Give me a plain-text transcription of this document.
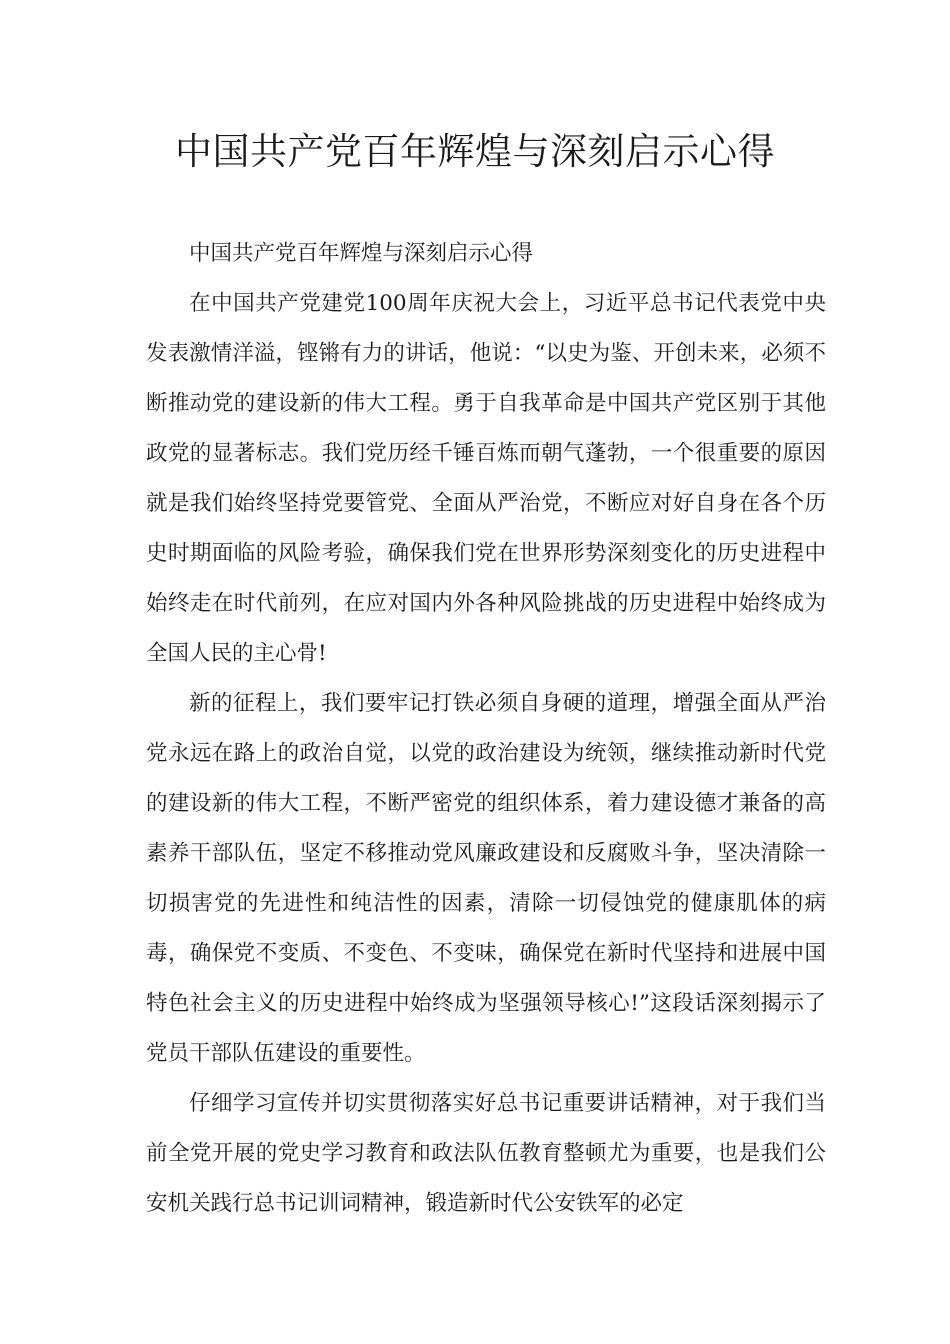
中国共产党百年辉煌与深刻启示心得

中国共产党百年辉煌与深刻启示心得

在中国共产党建党100周年庆祝大会上，习近平总书记代表党中央发表激情洋溢，铿锵有力的讲话，他说：“以史为鉴、开创未来，必须不断推动党的建设新的伟大工程。勇于自我革命是中国共产党区别于其他政党的显著标志。我们党历经千锤百炼而朝气蓬勃，一个很重要的原因就是我们始终坚持党要管党、全面从严治党，不断应对好自身在各个历史时期面临的风险考验，确保我们党在世界形势深刻变化的历史进程中始终走在时代前列，在应对国内外各种风险挑战的历史进程中始终成为全国人民的主心骨!

新的征程上，我们要牢记打铁必须自身硬的道理，增强全面从严治党永远在路上的政治自觉，以党的政治建设为统领，继续推动新时代党的建设新的伟大工程，不断严密党的组织体系，着力建设德才兼备的高素养干部队伍，坚定不移推动党风廉政建设和反腐败斗争，坚决清除一切损害党的先进性和纯洁性的因素，清除一切侵蚀党的健康肌体的病毒，确保党不变质、不变色、不变味，确保党在新时代坚持和进展中国特色社会主义的历史进程中始终成为坚强领导核心!”这段话深刻揭示了党员干部队伍建设的重要性。

仔细学习宣传并切实贯彻落实好总书记重要讲话精神，对于我们当前全党开展的党史学习教育和政法队伍教育整顿尤为重要，也是我们公安机关践行总书记训词精神，锻造新时代公安铁军的必定
